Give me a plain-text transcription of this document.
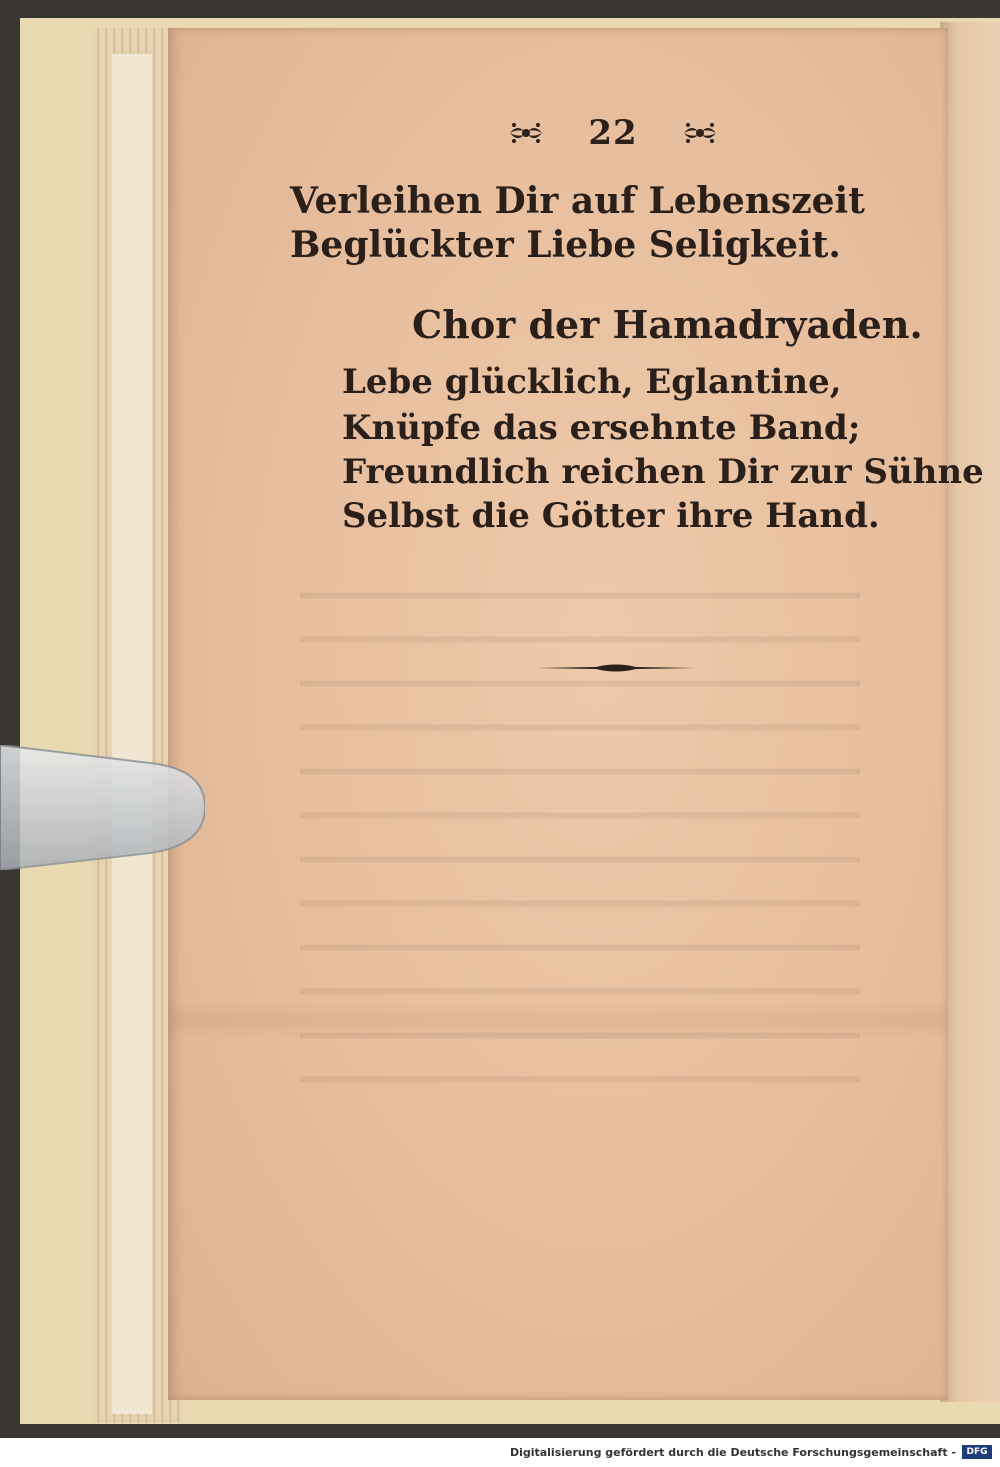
22
Verleihen Dir auf Lebenszeit
Beglückter Liebe Seligkeit.
Chor der Hamadryaden.
Lebe glücklich, Eglantine,
Knüpfe das ersehnte Band;
Freundlich reichen Dir zur Sühne
Selbst die Götter ihre Hand.
Digitalisierung gefördert durch die Deutsche Forschungsgemeinschaft -	DFG
